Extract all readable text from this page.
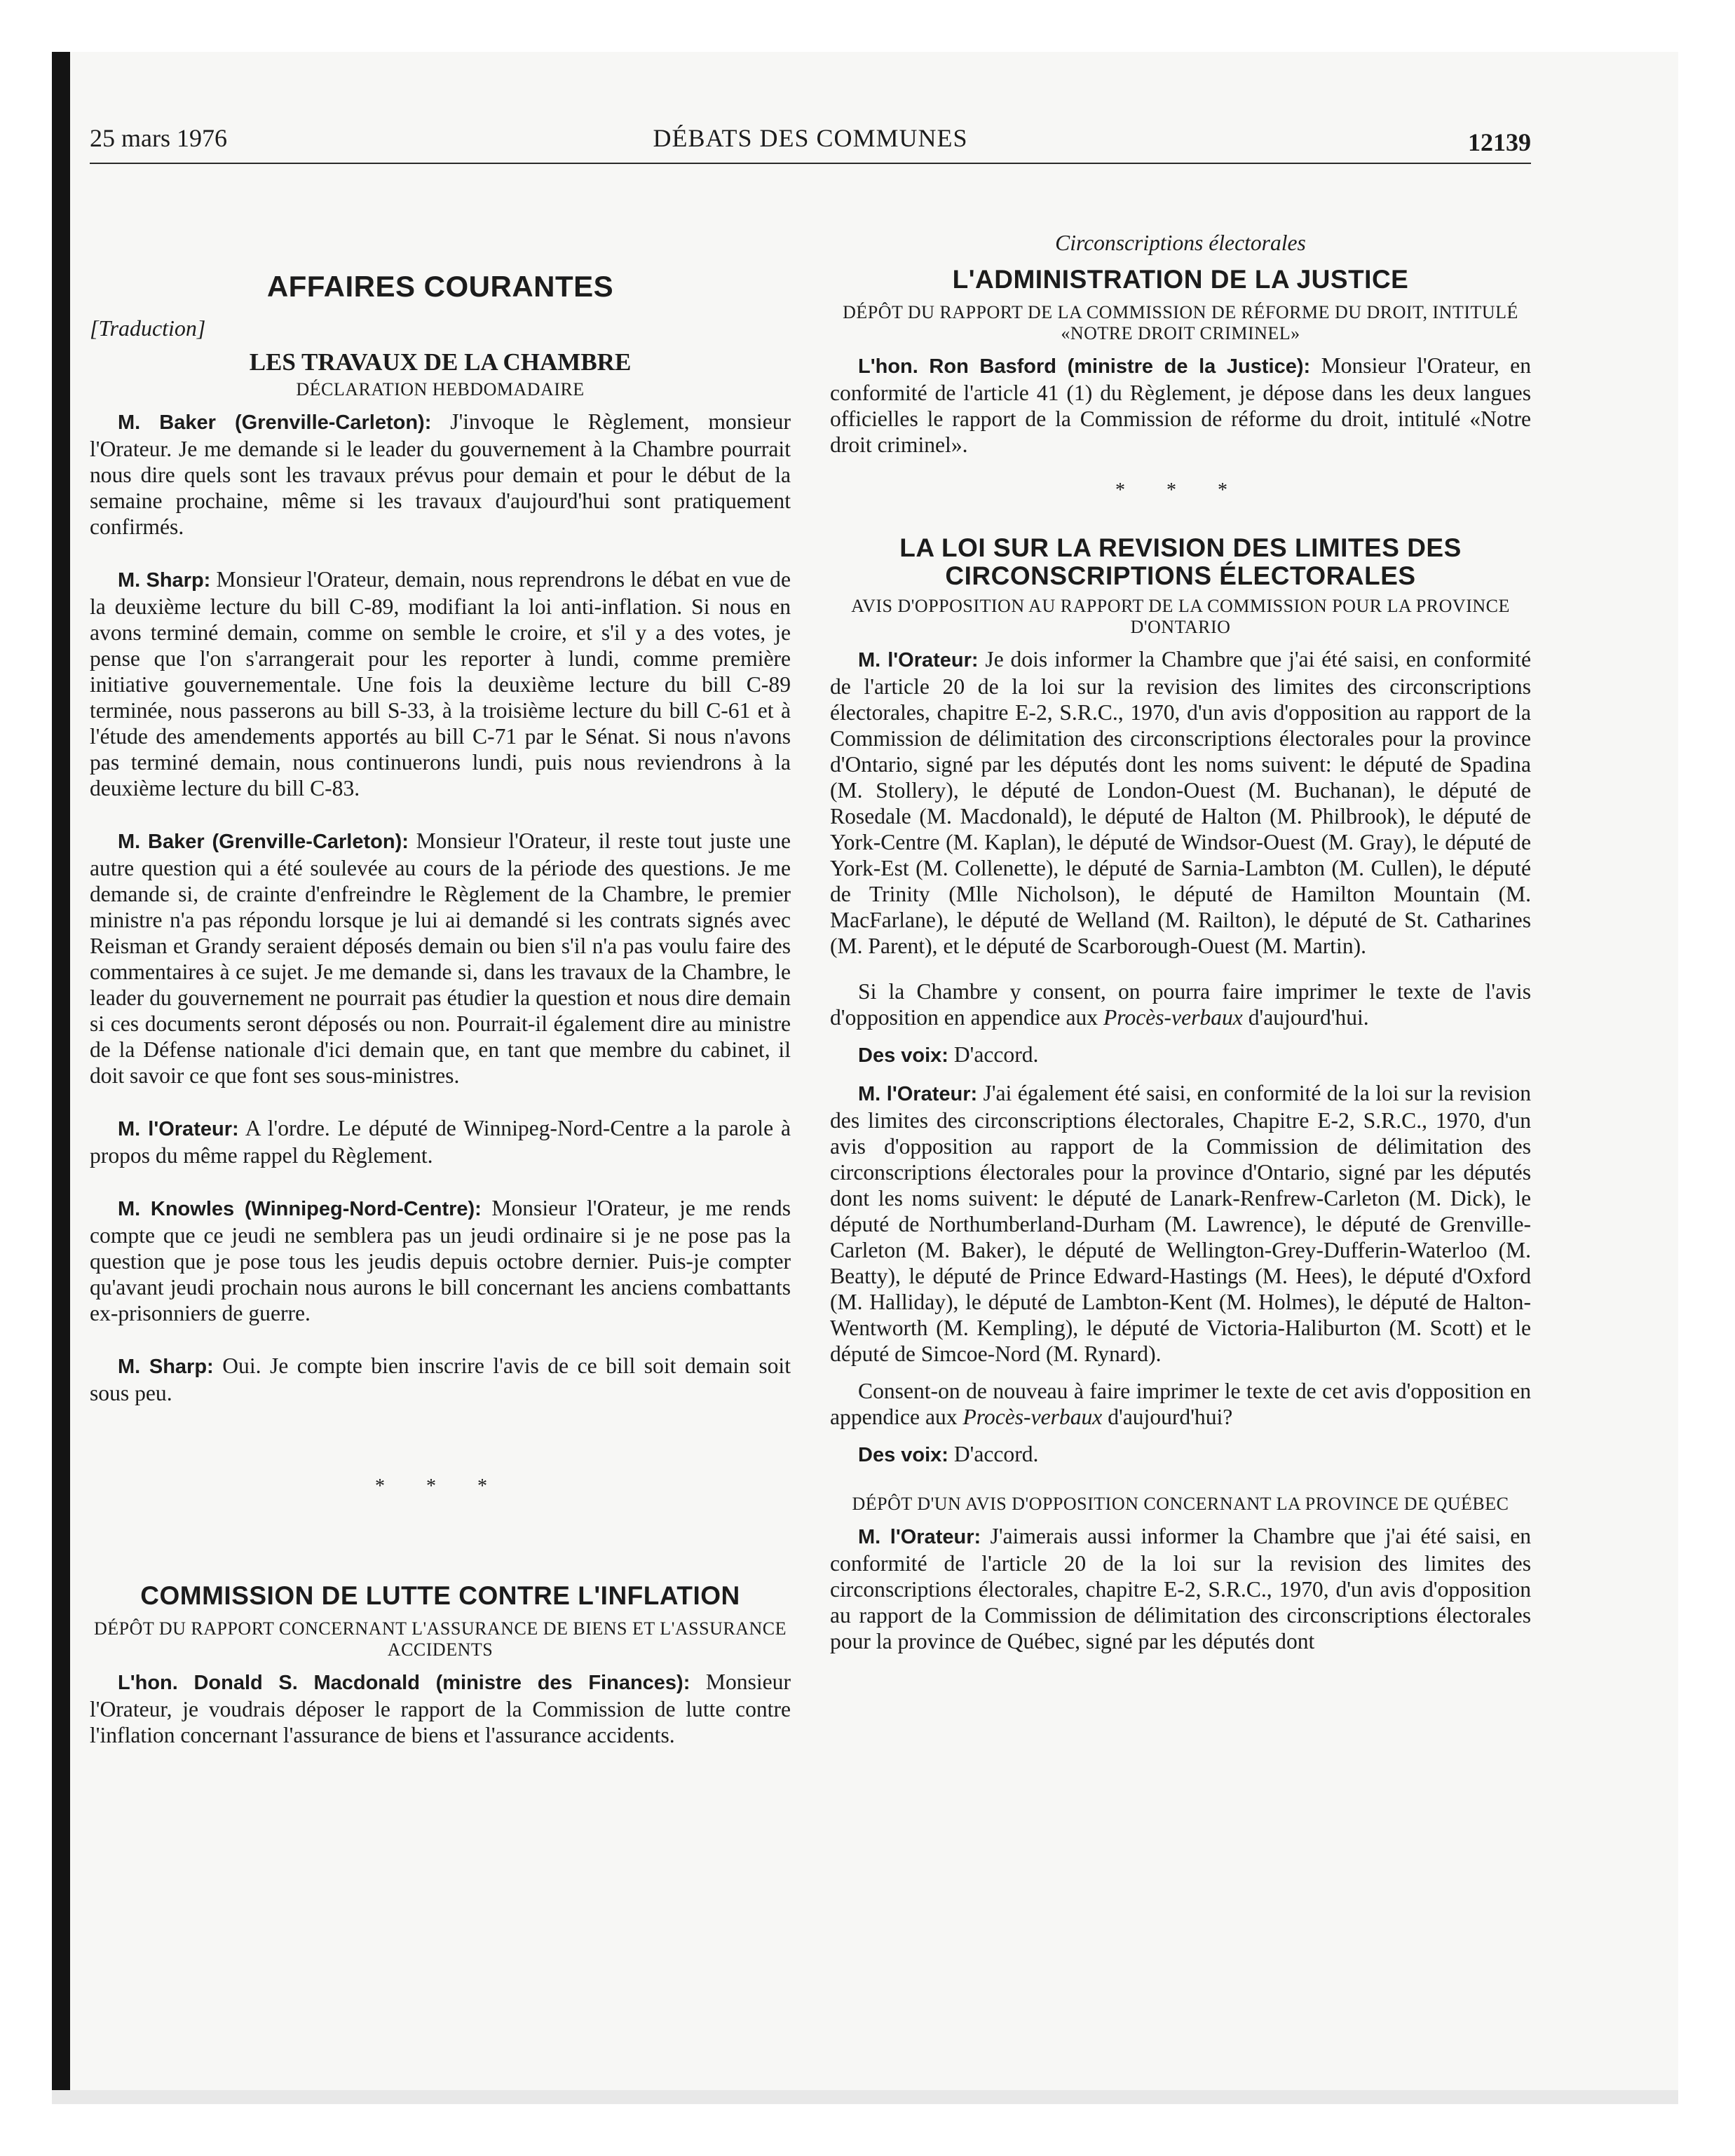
25 mars 1976	DÉBATS DES COMMUNES	12139
AFFAIRES COURANTES
[Traduction]
LES TRAVAUX DE LA CHAMBRE
DÉCLARATION HEBDOMADAIRE

M. Baker (Grenville-Carleton): J'invoque le Règlement, monsieur l'Orateur. Je me demande si le leader du gouvernement à la Chambre pourrait nous dire quels sont les travaux prévus pour demain et pour le début de la semaine prochaine, même si les travaux d'aujourd'hui sont pratiquement confirmés.

M. Sharp: Monsieur l'Orateur, demain, nous reprendrons le débat en vue de la deuxième lecture du bill C-89, modifiant la loi anti-inflation. Si nous en avons terminé demain, comme on semble le croire, et s'il y a des votes, je pense que l'on s'arrangerait pour les reporter à lundi, comme première initiative gouvernementale. Une fois la deuxième lecture du bill C-89 terminée, nous passerons au bill S-33, à la troisième lecture du bill C-61 et à l'étude des amendements apportés au bill C-71 par le Sénat. Si nous n'avons pas terminé demain, nous continuerons lundi, puis nous reviendrons à la deuxième lecture du bill C-83.

M. Baker (Grenville-Carleton): Monsieur l'Orateur, il reste tout juste une autre question qui a été soulevée au cours de la période des questions. Je me demande si, de crainte d'enfreindre le Règlement de la Chambre, le premier ministre n'a pas répondu lorsque je lui ai demandé si les contrats signés avec Reisman et Grandy seraient déposés demain ou bien s'il n'a pas voulu faire des commentaires à ce sujet. Je me demande si, dans les travaux de la Chambre, le leader du gouvernement ne pourrait pas étudier la question et nous dire demain si ces documents seront déposés ou non. Pourrait-il également dire au ministre de la Défense nationale d'ici demain que, en tant que membre du cabinet, il doit savoir ce que font ses sous-ministres.

M. l'Orateur: A l'ordre. Le député de Winnipeg-Nord-Centre a la parole à propos du même rappel du Règlement.

M. Knowles (Winnipeg-Nord-Centre): Monsieur l'Orateur, je me rends compte que ce jeudi ne semblera pas un jeudi ordinaire si je ne pose pas la question que je pose tous les jeudis depuis octobre dernier. Puis-je compter qu'avant jeudi prochain nous aurons le bill concernant les anciens combattants ex-prisonniers de guerre.

M. Sharp: Oui. Je compte bien inscrire l'avis de ce bill soit demain soit sous peu.

* * *
COMMISSION DE LUTTE CONTRE L'INFLATION
DÉPÔT DU RAPPORT CONCERNANT L'ASSURANCE DE BIENS ET L'ASSURANCE ACCIDENTS

L'hon. Donald S. Macdonald (ministre des Finances): Monsieur l'Orateur, je voudrais déposer le rapport de la Commission de lutte contre l'inflation concernant l'assurance de biens et l'assurance accidents.

Circonscriptions électorales
L'ADMINISTRATION DE LA JUSTICE
DÉPÔT DU RAPPORT DE LA COMMISSION DE RÉFORME DU DROIT, INTITULÉ «NOTRE DROIT CRIMINEL»

L'hon. Ron Basford (ministre de la Justice): Monsieur l'Orateur, en conformité de l'article 41 (1) du Règlement, je dépose dans les deux langues officielles le rapport de la Commission de réforme du droit, intitulé «Notre droit criminel».

* * *
LA LOI SUR LA REVISION DES LIMITES DES CIRCONSCRIPTIONS ÉLECTORALES
AVIS D'OPPOSITION AU RAPPORT DE LA COMMISSION POUR LA PROVINCE D'ONTARIO

M. l'Orateur: Je dois informer la Chambre que j'ai été saisi, en conformité de l'article 20 de la loi sur la revision des limites des circonscriptions électorales, chapitre E-2, S.R.C., 1970, d'un avis d'opposition au rapport de la Commission de délimitation des circonscriptions électorales pour la province d'Ontario, signé par les députés dont les noms suivent: le député de Spadina (M. Stollery), le député de London-Ouest (M. Buchanan), le député de Rosedale (M. Macdonald), le député de Halton (M. Philbrook), le député de York-Centre (M. Kaplan), le député de Windsor-Ouest (M. Gray), le député de York-Est (M. Collenette), le député de Sarnia-Lambton (M. Cullen), le député de Trinity (Mlle Nicholson), le député de Hamilton Mountain (M. MacFarlane), le député de Welland (M. Railton), le député de St. Catharines (M. Parent), et le député de Scarborough-Ouest (M. Martin).

Si la Chambre y consent, on pourra faire imprimer le texte de l'avis d'opposition en appendice aux Procès-verbaux d'aujourd'hui.

Des voix: D'accord.

M. l'Orateur: J'ai également été saisi, en conformité de la loi sur la revision des limites des circonscriptions électorales, Chapitre E-2, S.R.C., 1970, d'un avis d'opposition au rapport de la Commission de délimitation des circonscriptions électorales pour la province d'Ontario, signé par les députés dont les noms suivent: le député de Lanark-Renfrew-Carleton (M. Dick), le député de Northumberland-Durham (M. Lawrence), le député de Grenville-Carleton (M. Baker), le député de Wellington-Grey-Dufferin-Waterloo (M. Beatty), le député de Prince Edward-Hastings (M. Hees), le député d'Oxford (M. Halliday), le député de Lambton-Kent (M. Holmes), le député de Halton-Wentworth (M. Kempling), le député de Victoria-Haliburton (M. Scott) et le député de Simcoe-Nord (M. Rynard).

Consent-on de nouveau à faire imprimer le texte de cet avis d'opposition en appendice aux Procès-verbaux d'aujourd'hui?

Des voix: D'accord.

DÉPÔT D'UN AVIS D'OPPOSITION CONCERNANT LA PROVINCE DE QUÉBEC

M. l'Orateur: J'aimerais aussi informer la Chambre que j'ai été saisi, en conformité de l'article 20 de la loi sur la revision des limites des circonscriptions électorales, chapitre E-2, S.R.C., 1970, d'un avis d'opposition au rapport de la Commission de délimitation des circonscriptions électorales pour la province de Québec, signé par les députés dont
